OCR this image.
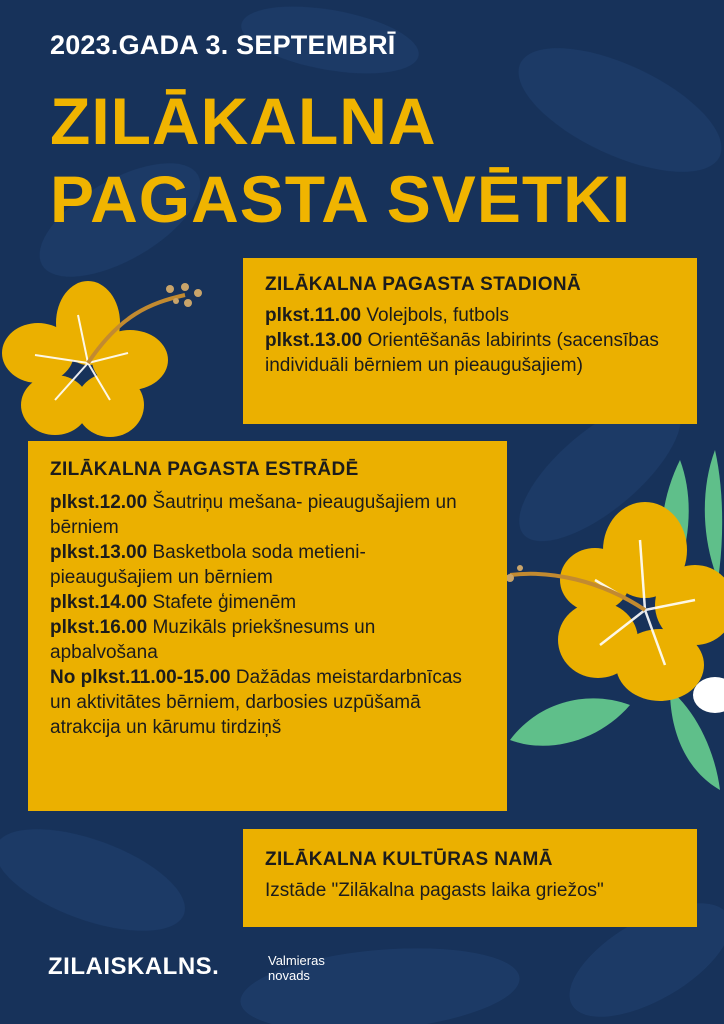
2023.GADA 3. SEPTEMBRĪ
ZILĀKALNA
PAGASTA SVĒTKI
ZILĀKALNA PAGASTA STADIONĀ

plkst.11.00 Volejbols, futbols

plkst.13.00 Orientēšanās labirints (sacensības individuāli bērniem un pieaugušajiem)

ZILĀKALNA PAGASTA ESTRĀDĒ

plkst.12.00 Šautriņu mešana- pieaugušajiem un bērniem

plkst.13.00 Basketbola soda metieni- pieaugušajiem un bērniem

plkst.14.00 Stafete ģimenēm

plkst.16.00 Muzikāls priekšnesums un apbalvošana

No plkst.11.00-15.00 Dažādas meistardarbnīcas un aktivitātes bērniem, darbosies uzpūšamā atrakcija un kārumu tirdziņš

ZILĀKALNA KULTŪRAS NAMĀ

Izstāde "Zilākalna pagasts laika griežos"

ZILAISKALNS.	Valmieras
novads
